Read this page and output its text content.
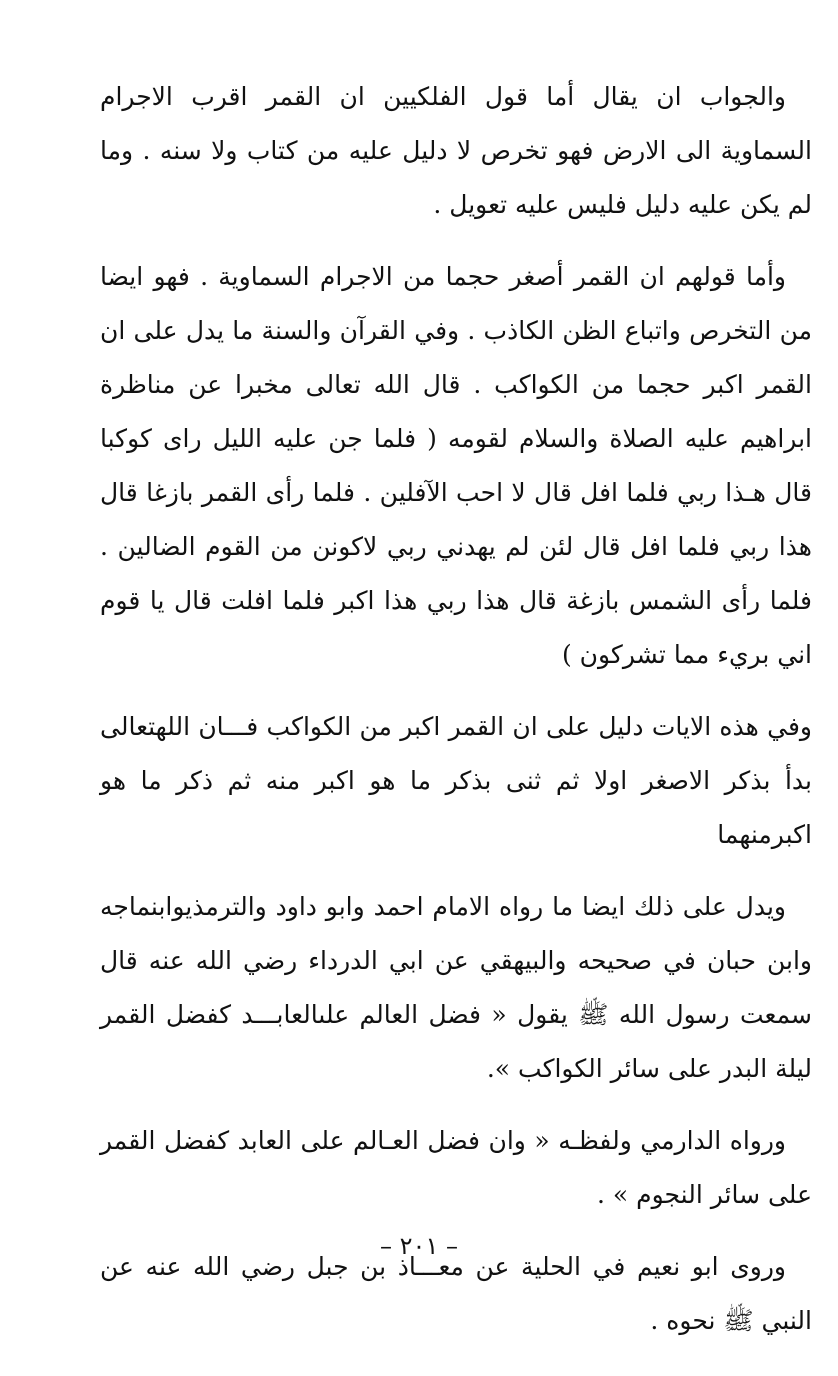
والجواب ان يقال أما قول الفلكيين ان القمر اقرب الاجرام السماوية الى الارض فهو تخرص لا دليل عليه من كتاب ولا سنه . وما لم يكن عليه دليل فليس عليه تعويل .

وأما قولهم ان القمر أصغر حجما من الاجرام السماوية . فهو ايضا من التخرص واتباع الظن الكاذب . وفي القرآن والسنة ما يدل على ان القمر اكبر حجما من الكواكب . قال الله تعالى مخبرا عن مناظرة ابراهيم عليه الصلاة والسلام لقومه ( فلما جن عليه الليل راى كوكبا قال هـذا ربي فلما افل قال لا احب الآفلين . فلما رأى القمر بازغا قال هذا ربي فلما افل قال لئن لم يهدني ربي لاكونن من القوم الضالين . فلما رأى الشمس بازغة قال هذا ربي هذا اكبر فلما افلت قال يا قوم اني بريء مما تشركون )

وفي هذه الايات دليل على ان القمر اكبر من الكواكب فـــان اللهتعالى بدأ بذكر الاصغر اولا ثم ثنى بذكر ما هو اكبر منه ثم ذكر ما هو اكبرمنهما

ويدل على ذلك ايضا ما رواه الامام احمد وابو داود والترمذيوابنماجه وابن حبان في صحيحه والبيهقي عن ابي الدرداء رضي الله عنه قال سمعت رسول الله ﷺ يقول « فضل العالم علىالعابـــد كفضل القمر ليلة البدر على سائر الكواكب ».

ورواه الدارمي ولفظـه « وان فضل العـالم على العابد كفضل القمر على سائر النجوم » .

وروى ابو نعيم في الحلية عن معـــاذ بن جبل رضي الله عنه عن النبي ﷺ نحوه .

– ٢٠١ –
